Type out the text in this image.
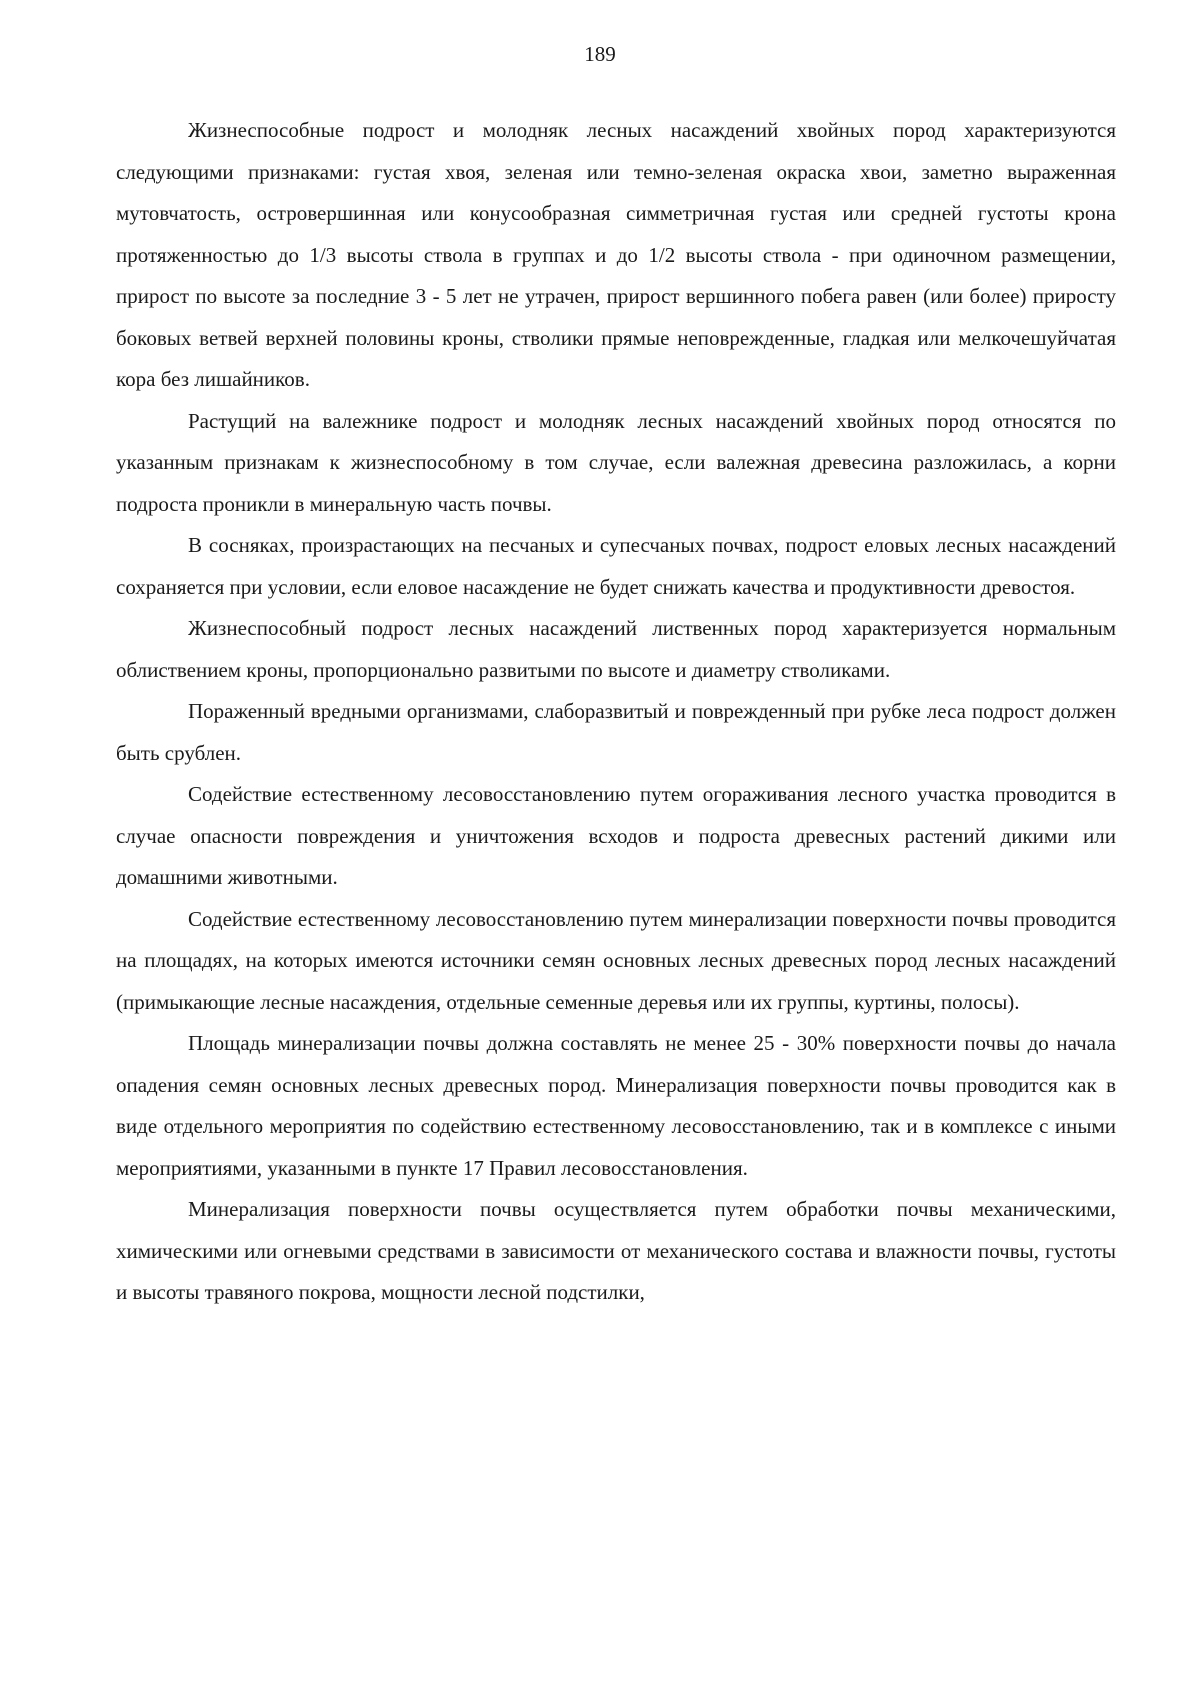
189

Жизнеспособные подрост и молодняк лесных насаждений хвойных пород характеризуются следующими признаками: густая хвоя, зеленая или темно-зеленая окраска хвои, заметно выраженная мутовчатость, островершинная или конусообразная симметричная густая или средней густоты крона протяженностью до 1/3 высоты ствола в группах и до 1/2 высоты ствола - при одиночном размещении, прирост по высоте за последние 3 - 5 лет не утрачен, прирост вершинного побега равен (или более) приросту боковых ветвей верхней половины кроны, стволики прямые неповрежденные, гладкая или мелкочешуйчатая кора без лишайников.

Растущий на валежнике подрост и молодняк лесных насаждений хвойных пород относятся по указанным признакам к жизнеспособному в том случае, если валежная древесина разложилась, а корни подроста проникли в минеральную часть почвы.

В сосняках, произрастающих на песчаных и супесчаных почвах, подрост еловых лесных насаждений сохраняется при условии, если еловое насаждение не будет снижать качества и продуктивности древостоя.

Жизнеспособный подрост лесных насаждений лиственных пород характеризуется нормальным облиствением кроны, пропорционально развитыми по высоте и диаметру стволиками.

Пораженный вредными организмами, слаборазвитый и поврежденный при рубке леса подрост должен быть срублен.

Содействие естественному лесовосстановлению путем огораживания лесного участка проводится в случае опасности повреждения и уничтожения всходов и подроста древесных растений дикими или домашними животными.

Содействие естественному лесовосстановлению путем минерализации поверхности почвы проводится на площадях, на которых имеются источники семян основных лесных древесных пород лесных насаждений (примыкающие лесные насаждения, отдельные семенные деревья или их группы, куртины, полосы).

Площадь минерализации почвы должна составлять не менее 25 - 30% поверхности почвы до начала опадения семян основных лесных древесных пород. Минерализация поверхности почвы проводится как в виде отдельного мероприятия по содействию естественному лесовосстановлению, так и в комплексе с иными мероприятиями, указанными в пункте 17 Правил лесовосстановления.

Минерализация поверхности почвы осуществляется путем обработки почвы механическими, химическими или огневыми средствами в зависимости от механического состава и влажности почвы, густоты и высоты травяного покрова, мощности лесной подстилки,
